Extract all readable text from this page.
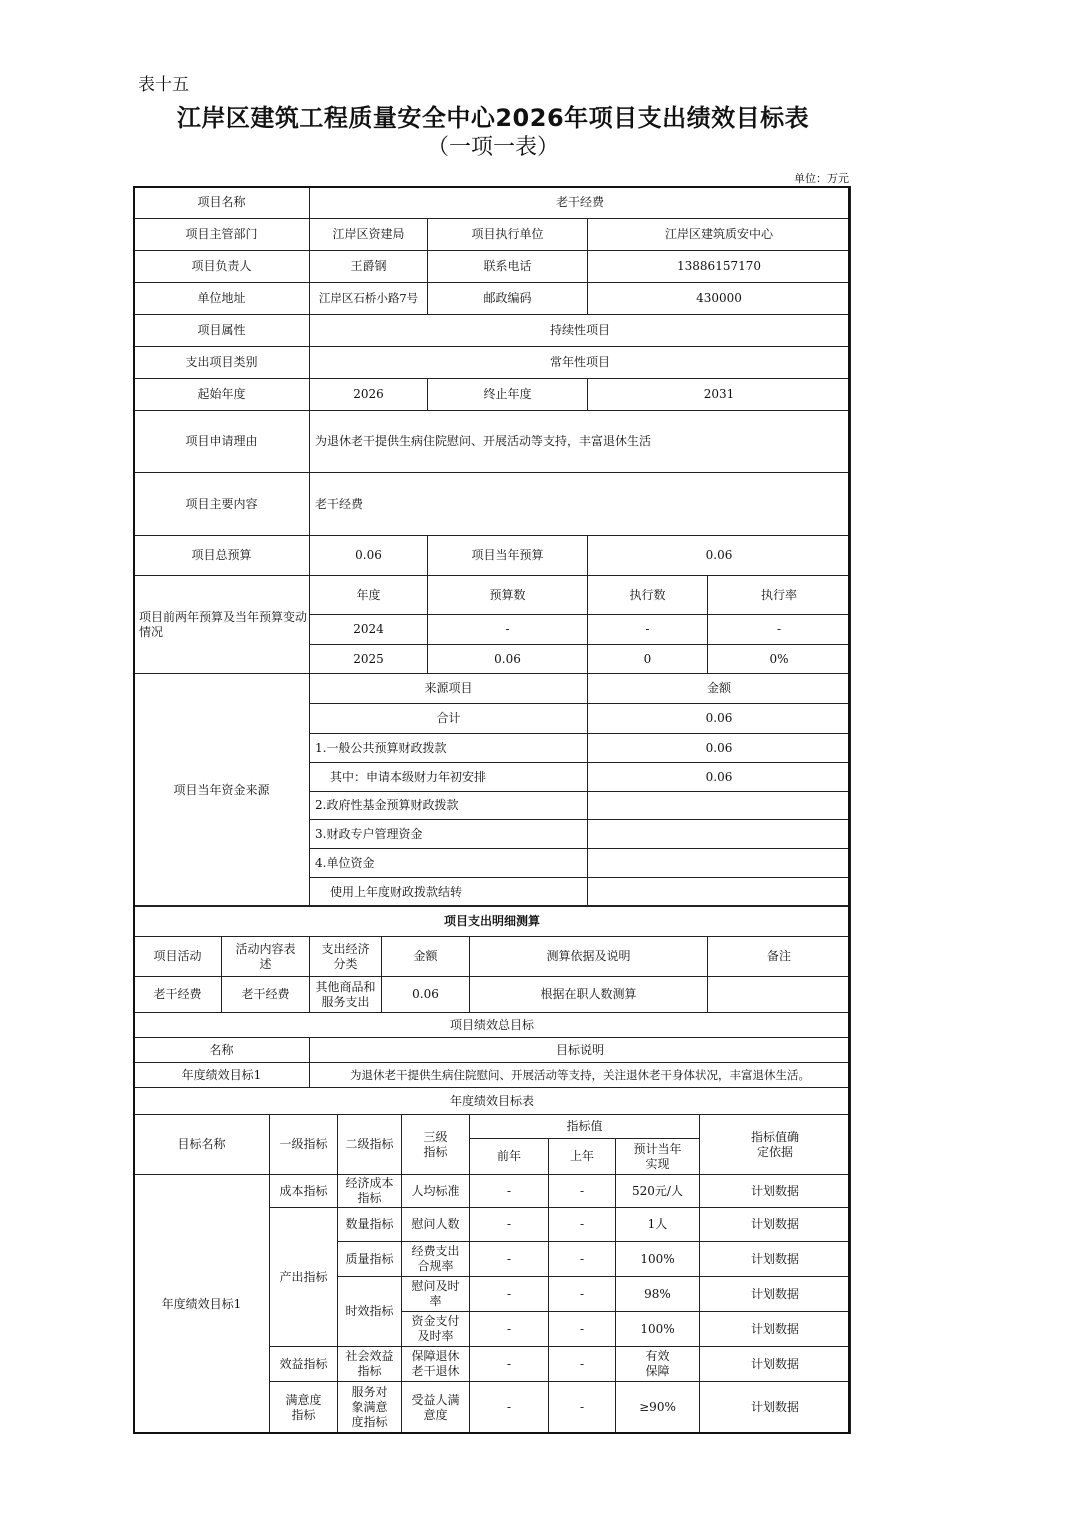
表十五
江岸区建筑工程质量安全中心2026年项目支出绩效目标表
（一项一表）
单位：万元
项目名称	老干经费			
项目主管部门	江岸区资建局	项目执行单位	江岸区建筑质安中心	
项目负责人	王爵钢	联系电话	13886157170	
单位地址	江岸区石桥小路7号	邮政编码	430000	
项目属性	持续性项目			
支出项目类别	常年性项目			
起始年度	2026	终止年度	2031	
项目申请理由	为退休老干提供生病住院慰问、开展活动等支持，丰富退休生活			
项目主要内容	老干经费			
项目总预算	0.06	项目当年预算	0.06	
项目前两年预算及当年预算变动情况	年度	预算数	执行数	执行率
	2024	-	-	-
	2025	0.06	0	0%
项目当年资金来源	来源项目		金额	
	合计		0.06	
	1.一般公共预算财政拨款		0.06	
	其中：申请本级财力年初安排		0.06	
	2.政府性基金预算财政拨款			
	3.财政专户管理资金			
	4.单位资金			
	使用上年度财政拨款结转			
项目支出明细测算					
项目活动	活动内容表述	支出经济分类	金额	测算依据及说明	备注
老干经费	老干经费	其他商品和服务支出	0.06	根据在职人数测算	
项目绩效总目标	
名称	目标说明
年度绩效目标1	为退休老干提供生病住院慰问、开展活动等支持，关注退休老干身体状况，丰富退休生活。
年度绩效目标表							
目标名称	一级指标	二级指标	三级指标	指标值			指标值确定依据
				前年	上年	预计当年实现	
年度绩效目标1	成本指标	经济成本指标	人均标准	-	-	520元/人	计划数据
	产出指标	数量指标	慰问人数	-	-	1人	计划数据
		质量指标	经费支出合规率	-	-	100%	计划数据
		时效指标	慰问及时率	-	-	98%	计划数据
			资金支付及时率	-	-	100%	计划数据
	效益指标	社会效益指标	保障退休老干退休	-	-	有效保障	计划数据
	满意度指标	服务对象满意度指标	受益人满意度	-	-	≥90%	计划数据
